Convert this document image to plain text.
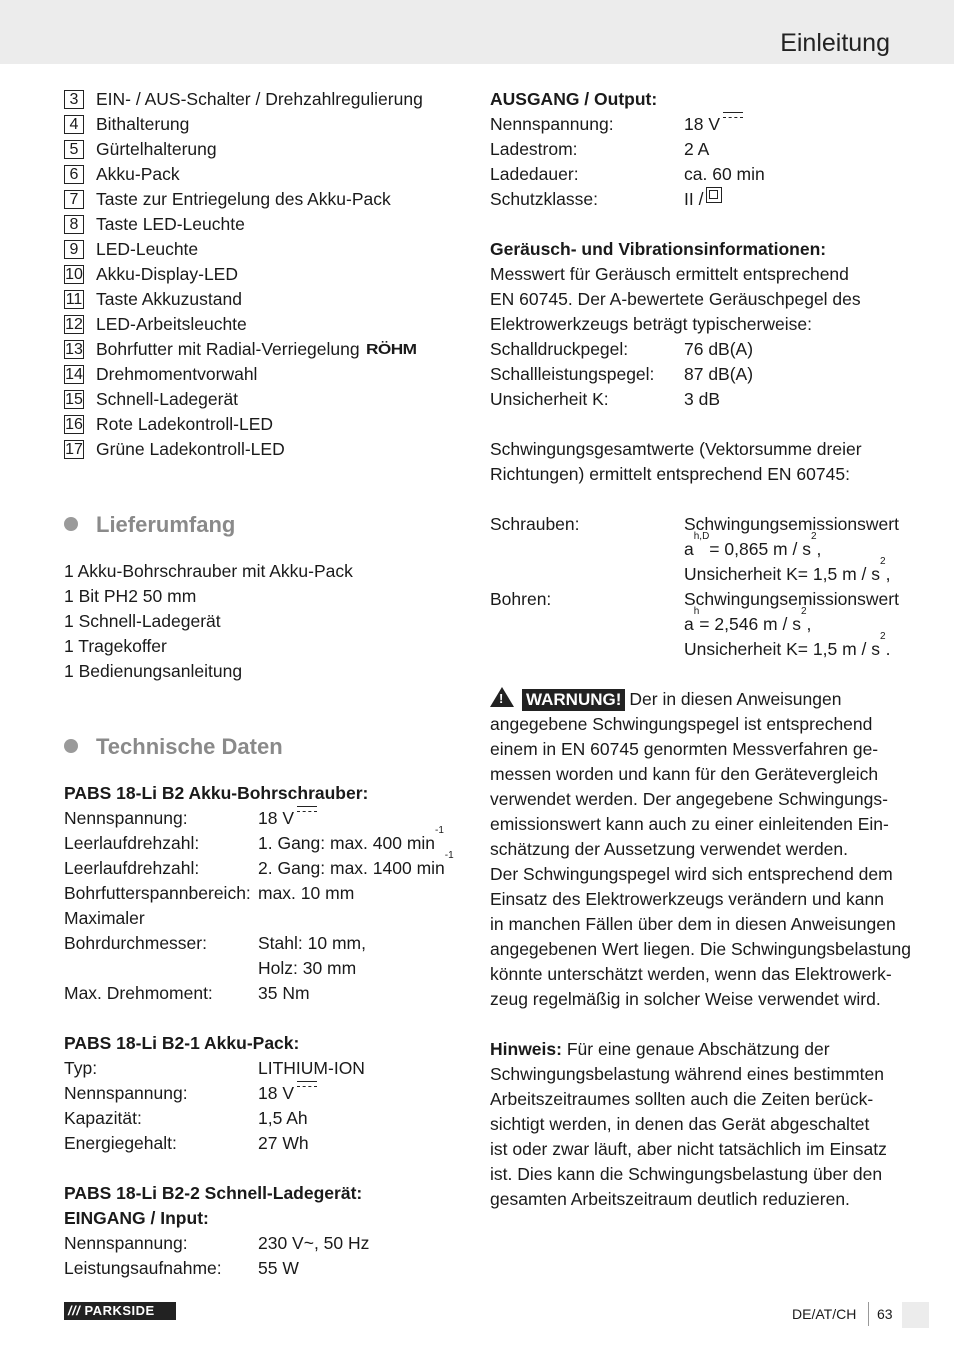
Einleitung
3	EIN- / AUS-Schalter / Drehzahlregulierung
4	Bithalterung
5	Gürtelhalterung
6	Akku-Pack
7	Taste zur Entriegelung des Akku-Pack
8	Taste LED-Leuchte
9	LED-Leuchte
10 Akku-Display-LED
11 Taste Akkuzustand
12 LED-Arbeitsleuchte
13 Bohrfutter mit Radial-Verriegelung RÖHM
14 Drehmomentvorwahl
15 Schnell-Ladegerät
16 Rote Ladekontroll-LED
17 Grüne Ladekontroll-LED
Lieferumfang
1 Akku-Bohrschrauber mit Akku-Pack
1 Bit PH2 50 mm
1 Schnell-Ladegerät
1 Tragekoffer
1 Bedienungsanleitung
Technische Daten
PABS 18-Li B2 Akku-Bohrschrauber:
Nennspannung:	18 V
Leerlaufdrehzahl:	1. Gang: max. 400 min
-1
Leerlaufdrehzahl:	2. Gang: max. 1400 min
-1
Bohrfutterspannbereich: max. 10 mm
Maximaler
Bohrdurchmesser:	Stahl: 10 mm,
Holz: 30 mm
Max. Drehmoment:	35 Nm
PABS 18-Li B2-1 Akku-Pack:
Typ:	LITHIUM-ION
Nennspannung:	18 V
Kapazität:	1,5 Ah
Energiegehalt:	27 Wh
PABS 18-Li B2-2 Schnell-Ladegerät:
EINGANG / Input:
Nennspannung:	230 V~, 50 Hz
Leistungsaufnahme:	55 W
AUSGANG / Output:
Nennspannung:	18 V
Ladestrom:	2 A
Ladedauer:	ca. 60 min
Schutzklasse:	II /
Geräusch- und Vibrationsinformationen:
Messwert für Geräusch ermittelt entsprechend
EN 60745. Der A-bewertete Geräuschpegel des
Elektrowerkzeugs beträgt typischerweise:
Schalldruckpegel:	76 dB(A)
Schallleistungspegel:	87 dB(A)
Unsicherheit K:	3 dB
Schwingungsgesamtwerte (Vektorsumme dreier
Richtungen) ermittelt entsprechend EN 60745:
Schrauben:	Schwingungsemissionswert
a
h,D
= 0,865 m / s
2
,
Unsicherheit K= 1,5 m / s
2
,
Bohren:	Schwingungsemissionswert
a
h
= 2,546 m / s
2
,
Unsicherheit K= 1,5 m / s
2
.
! WARNUNG! Der in diesen Anweisungen
angegebene Schwingungspegel ist entsprechend
einem in EN 60745 genormten Messverfahren ge-
messen worden und kann für den Gerätevergleich
verwendet werden. Der angegebene Schwingungs-
emissionswert kann auch zu einer einleitenden Ein-
schätzung der Aussetzung verwendet werden.
Der Schwingungspegel wird sich entsprechend dem
Einsatz des Elektrowerkzeugs verändern und kann
in manchen Fällen über dem in diesen Anweisungen
angegebenen Wert liegen. Die Schwingungsbelastung
könnte unterschätzt werden, wenn das Elektrowerk-
zeug regelmäßig in solcher Weise verwendet wird.
Hinweis: Für eine genaue Abschätzung der
Schwingungsbelastung während eines bestimmten
Arbeitszeitraumes sollten auch die Zeiten berück-
sichtigt werden, in denen das Gerät abgeschaltet
ist oder zwar läuft, aber nicht tatsächlich im Einsatz
ist. Dies kann die Schwingungsbelastung über den
gesamten Arbeitszeitraum deutlich reduzieren.
/// PARKSIDE	DE/AT/CH 63
